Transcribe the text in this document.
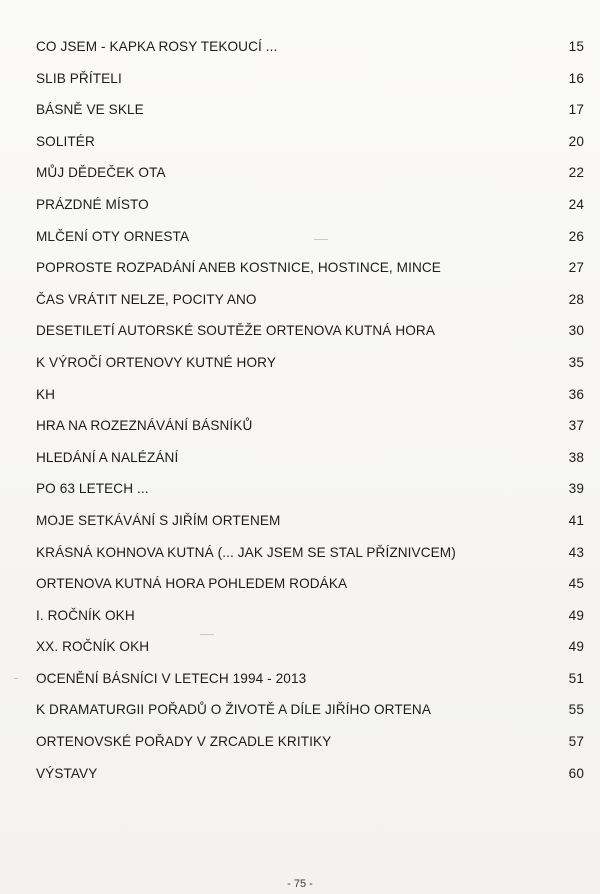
CO JSEM - KAPKA ROSY TEKOUCÍ ...	15
SLIB PŘÍTELI	16
BÁSNĚ VE SKLE	17
SOLITÉR	20
MŮJ DĚDEČEK OTA	22
PRÁZDNÉ MÍSTO	24
MLČENÍ OTY ORNESTA	26
POPROSTE ROZPADÁNÍ ANEB KOSTNICE, HOSTINCE, MINCE	27
ČAS VRÁTIT NELZE, POCITY ANO	28
DESETILETÍ AUTORSKÉ SOUTĚŽE ORTENOVA KUTNÁ HORA	30
K VÝROČÍ ORTENOVY KUTNÉ HORY	35
KH	36
HRA NA ROZEZNÁVÁNÍ BÁSNÍKŮ	37
HLEDÁNÍ A NALÉZÁNÍ	38
PO 63 LETECH ...	39
MOJE SETKÁVÁNÍ S JIŘÍM ORTENEM	41
KRÁSNÁ KOHNOVA KUTNÁ (... JAK JSEM SE STAL PŘÍZNIVCEM)	43
ORTENOVA KUTNÁ HORA POHLEDEM RODÁKA	45
I. ROČNÍK OKH	49
XX. ROČNÍK OKH	49
OCENĚNÍ BÁSNÍCI V LETECH 1994 - 2013	51
K DRAMATURGII POŘADŮ O ŽIVOTĚ A DÍLE JIŘÍHO ORTENA	55
ORTENOVSKÉ POŘADY V ZRCADLE KRITIKY	57
VÝSTAVY	60
- 75 -
